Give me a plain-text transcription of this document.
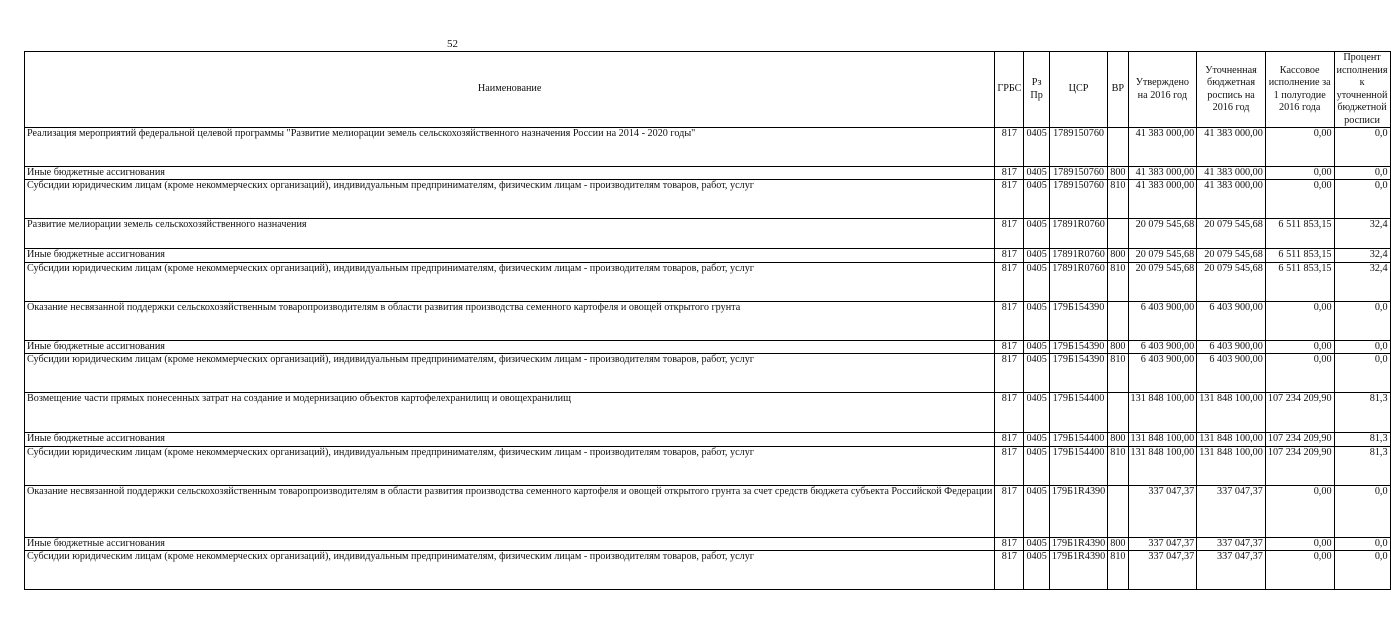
52
Наименование	ГРБС	Рз Пр	ЦСР	ВР	Утверждено на 2016 год	Уточненная бюджетная роспись на 2016 год	Кассовое исполнение за 1 полугодие 2016 года	Процент исполнения к уточненной бюджетной росписи
Реализация мероприятий федеральной целевой программы "Развитие мелиорации земель сельскохозяйственного назначения России на 2014 - 2020 годы"	817	0405	1789150760		41 383 000,00	41 383 000,00	0,00	0,0
Иные бюджетные ассигнования	817	0405	1789150760	800	41 383 000,00	41 383 000,00	0,00	0,0
Субсидии юридическим лицам (кроме некоммерческих организаций), индивидуальным предпринимателям, физическим лицам - производителям товаров, работ, услуг	817	0405	1789150760	810	41 383 000,00	41 383 000,00	0,00	0,0
Развитие мелиорации земель сельскохозяйственного назначения	817	0405	17891R0760		20 079 545,68	20 079 545,68	6 511 853,15	32,4
Иные бюджетные ассигнования	817	0405	17891R0760	800	20 079 545,68	20 079 545,68	6 511 853,15	32,4
Субсидии юридическим лицам (кроме некоммерческих организаций), индивидуальным предпринимателям, физическим лицам - производителям товаров, работ, услуг	817	0405	17891R0760	810	20 079 545,68	20 079 545,68	6 511 853,15	32,4
Оказание несвязанной поддержки сельскохозяйственным товаропроизводителям в области развития производства семенного картофеля и овощей открытого грунта	817	0405	179Б154390		6 403 900,00	6 403 900,00	0,00	0,0
Иные бюджетные ассигнования	817	0405	179Б154390	800	6 403 900,00	6 403 900,00	0,00	0,0
Субсидии юридическим лицам (кроме некоммерческих организаций), индивидуальным предпринимателям, физическим лицам - производителям товаров, работ, услуг	817	0405	179Б154390	810	6 403 900,00	6 403 900,00	0,00	0,0
Возмещение части прямых понесенных затрат на создание и модернизацию объектов картофелехранилищ и овощехранилищ	817	0405	179Б154400		131 848 100,00	131 848 100,00	107 234 209,90	81,3
Иные бюджетные ассигнования	817	0405	179Б154400	800	131 848 100,00	131 848 100,00	107 234 209,90	81,3
Субсидии юридическим лицам (кроме некоммерческих организаций), индивидуальным предпринимателям, физическим лицам - производителям товаров, работ, услуг	817	0405	179Б154400	810	131 848 100,00	131 848 100,00	107 234 209,90	81,3
Оказание несвязанной поддержки сельскохозяйственным товаропроизводителям в области развития производства семенного картофеля и овощей открытого грунта за счет средств бюджета субъекта Российской Федерации	817	0405	179Б1R4390		337 047,37	337 047,37	0,00	0,0
Иные бюджетные ассигнования	817	0405	179Б1R4390	800	337 047,37	337 047,37	0,00	0,0
Субсидии юридическим лицам (кроме некоммерческих организаций), индивидуальным предпринимателям, физическим лицам - производителям товаров, работ, услуг	817	0405	179Б1R4390	810	337 047,37	337 047,37	0,00	0,0
